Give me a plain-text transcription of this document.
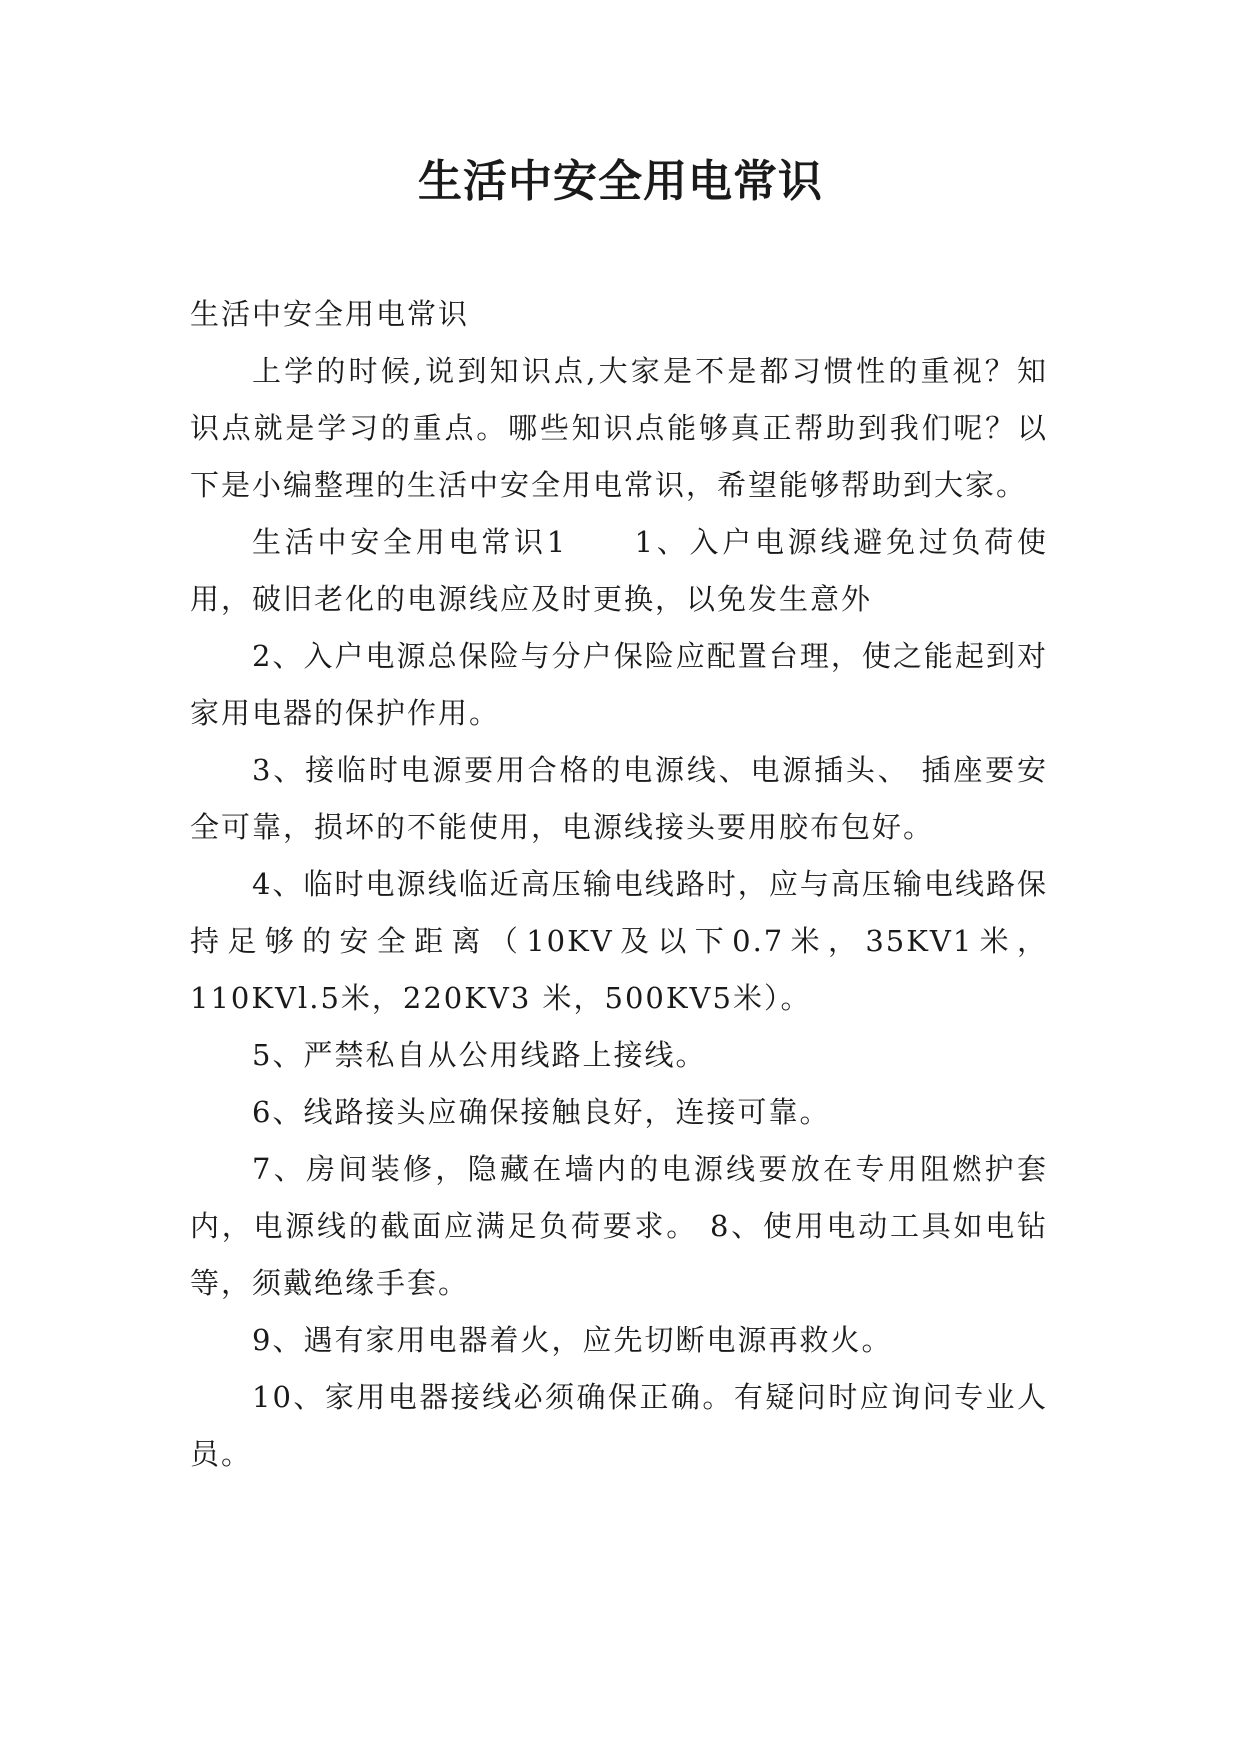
生活中安全用电常识

生活中安全用电常识

上学的时候,说到知识点,大家是不是都习惯性的重视？知识点就是学习的重点。哪些知识点能够真正帮助到我们呢？以下是小编整理的生活中安全用电常识，希望能够帮助到大家。

生活中安全用电常识1　　1、入户电源线避免过负荷使用，破旧老化的电源线应及时更换，以免发生意外

2、入户电源总保险与分户保险应配置台理，使之能起到对家用电器的保护作用。

3、接临时电源要用合格的电源线、电源插头、 插座要安全可靠，损坏的不能使用，电源线接头要用胶布包好。

4、临时电源线临近高压输电线路时，应与高压输电线路保持足够的安全距离（10KV及以下0.7米，35KV1米，110KVl.5米，220KV3 米，500KV5米）。

5、严禁私自从公用线路上接线。

6、线路接头应确保接触良好，连接可靠。

7、房间装修，隐藏在墙内的电源线要放在专用阻燃护套内，电源线的截面应满足负荷要求。 8、使用电动工具如电钻等，须戴绝缘手套。

9、遇有家用电器着火，应先切断电源再救火。

10、家用电器接线必须确保正确。有疑问时应询问专业人员。
